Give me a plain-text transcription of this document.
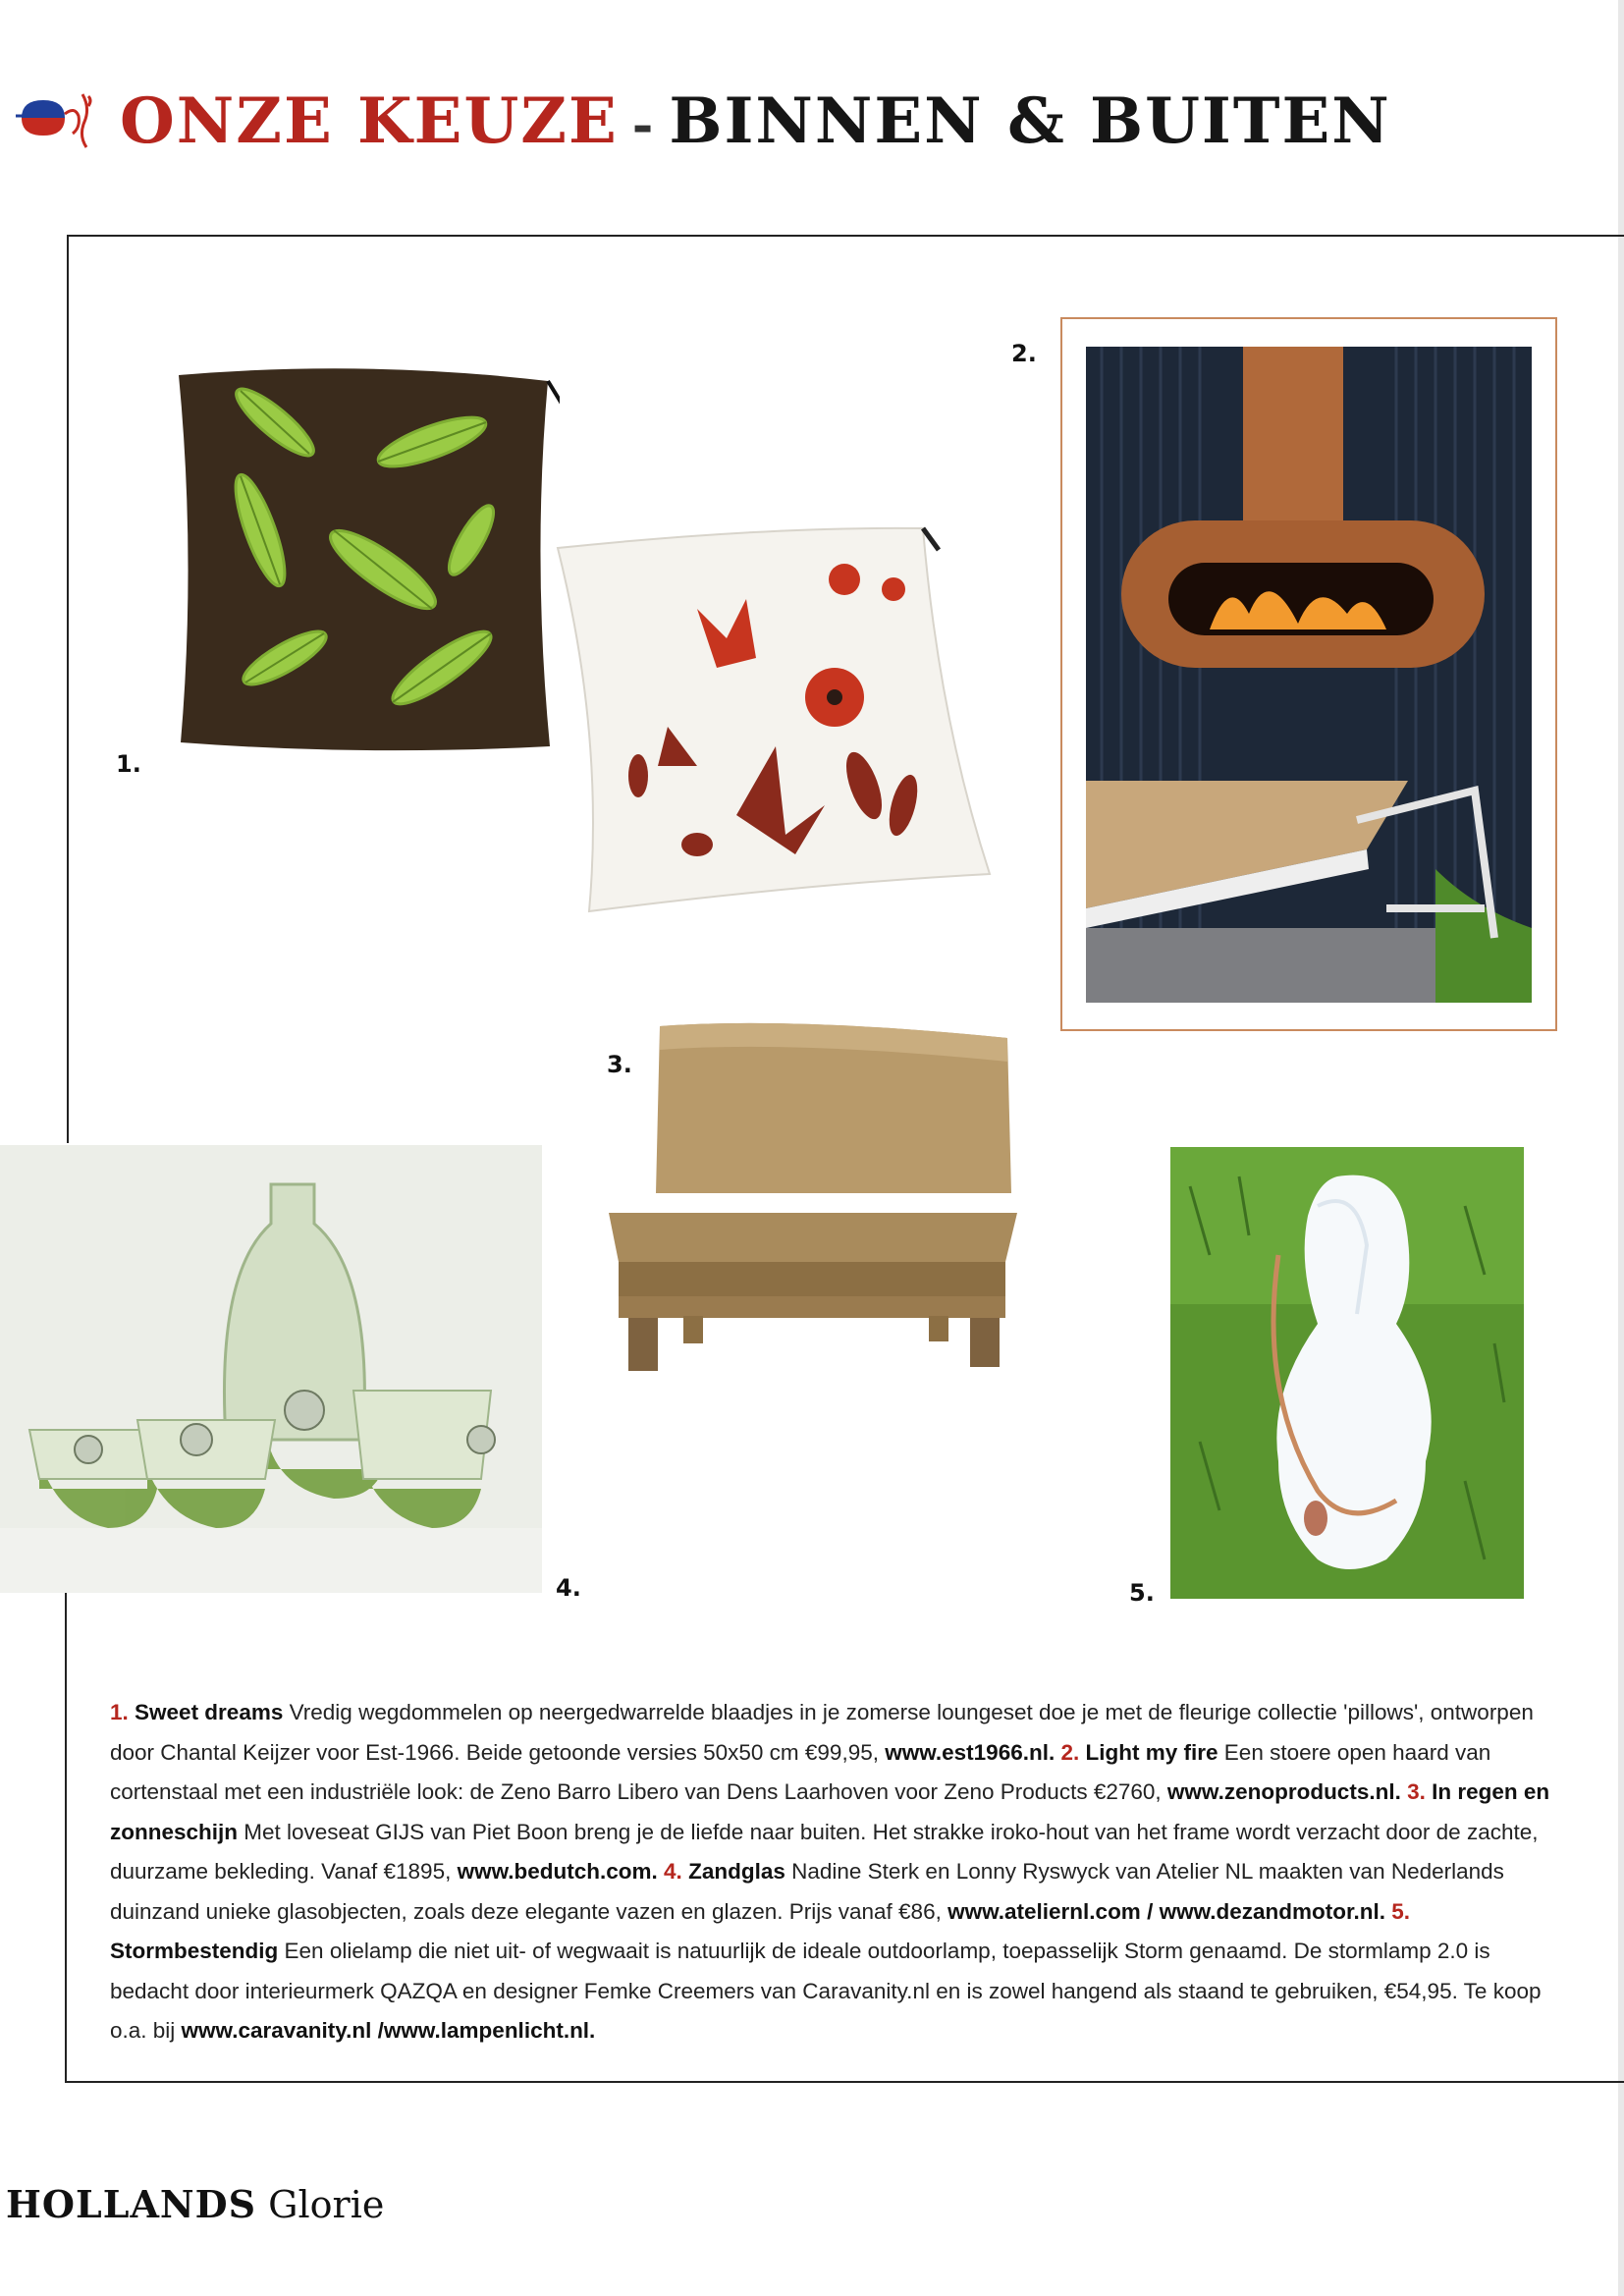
ONZE KEUZE - BINNEN & BUITEN
1.
2.
3.
4.	5.
1. Sweet dreams Vredig wegdommelen op neergedwarrelde blaadjes in je zomerse loungeset doe je met de fleurige collectie 'pillows', ontworpen door Chantal Keijzer voor Est-1966. Beide getoonde versies 50x50 cm €99,95, www.est1966.nl. 2. Light my fire Een stoere open haard van cortenstaal met een industriële look: de Zeno Barro Libero van Dens Laarhoven voor Zeno Products €2760, www.zenoproducts.nl. 3. In regen en zonneschijn Met loveseat GIJS van Piet Boon breng je de liefde naar buiten. Het strakke iroko-hout van het frame wordt verzacht door de zachte, duurzame bekleding. Vanaf €1895, www.bedutch.com. 4. Zandglas Nadine Sterk en Lonny Ryswyck van Atelier NL maakten van Nederlands duinzand unieke glasobjecten, zoals deze elegante vazen en glazen. Prijs vanaf €86, www.ateliernl.com / www.dezandmotor.nl. 5. Stormbestendig Een olielamp die niet uit- of wegwaait is natuurlijk de ideale outdoorlamp, toepasselijk Storm genaamd. De stormlamp 2.0 is bedacht door interieurmerk QAZQA en designer Femke Creemers van Caravanity.nl en is zowel hangend als staand te gebruiken, €54,95. Te koop o.a. bij www.caravanity.nl /www.lampenlicht.nl.
HOLLANDS Glorie
